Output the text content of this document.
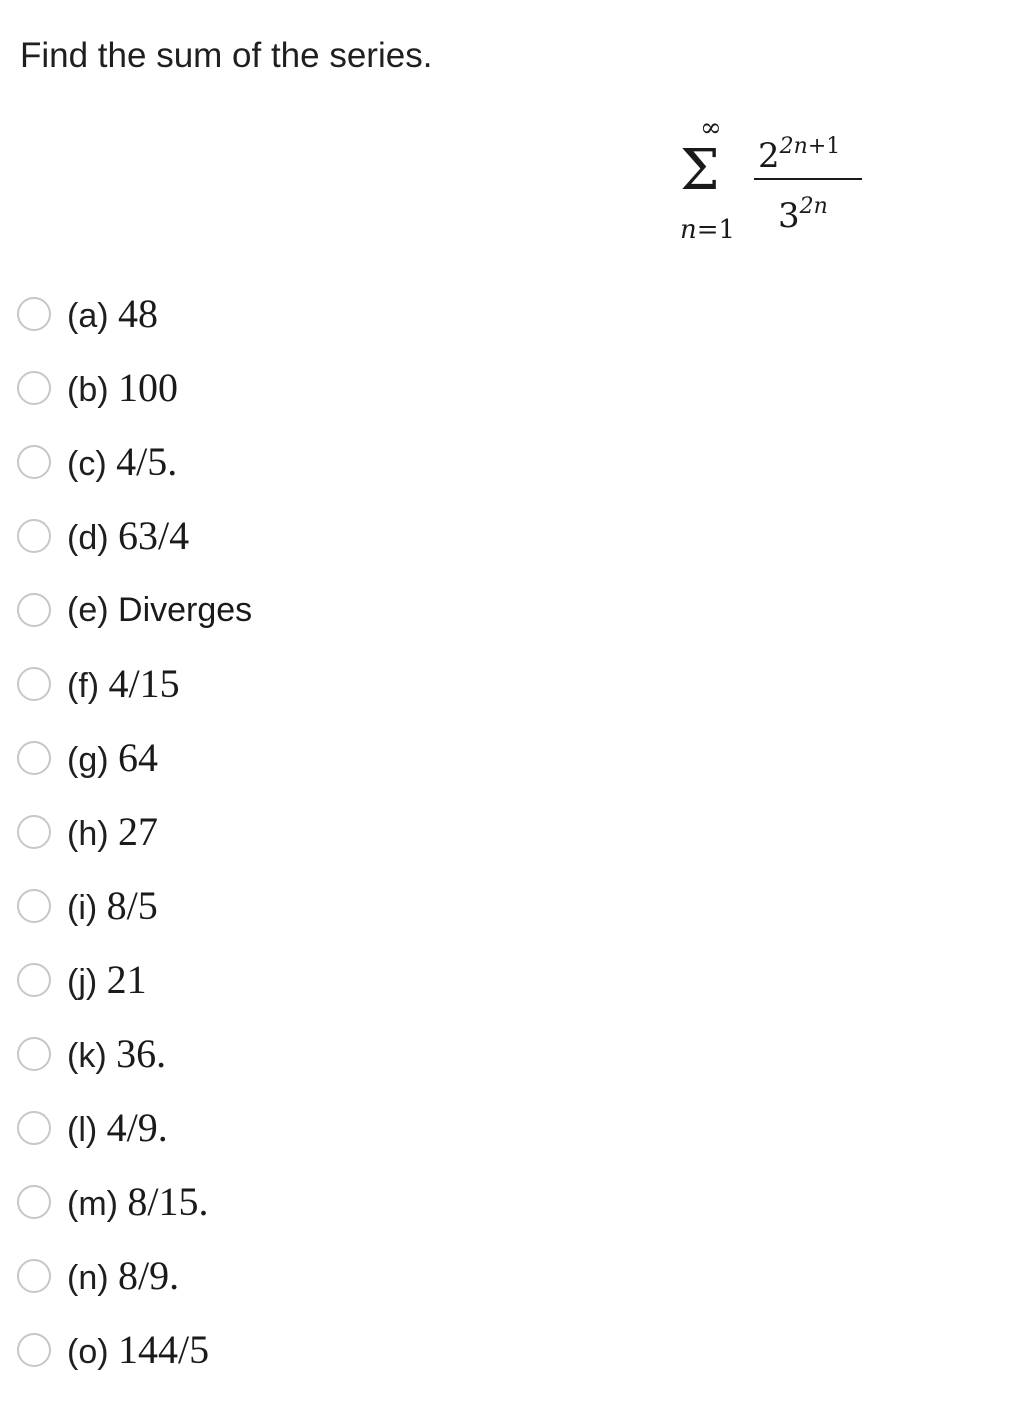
Find the sum of the series.
∞
Σ
n=1
$2^{2n+1}$
$3^{2n}$
(a) 48
(b) 100
(c) 4/5.
(d) 63/4
(e) Diverges
(f) 4/15
(g) 64
(h) 27
(i) 8/5
(j) 21
(k) 36.
(l) 4/9.
(m) 8/15.
(n) 8/9.
(o) 144/5
